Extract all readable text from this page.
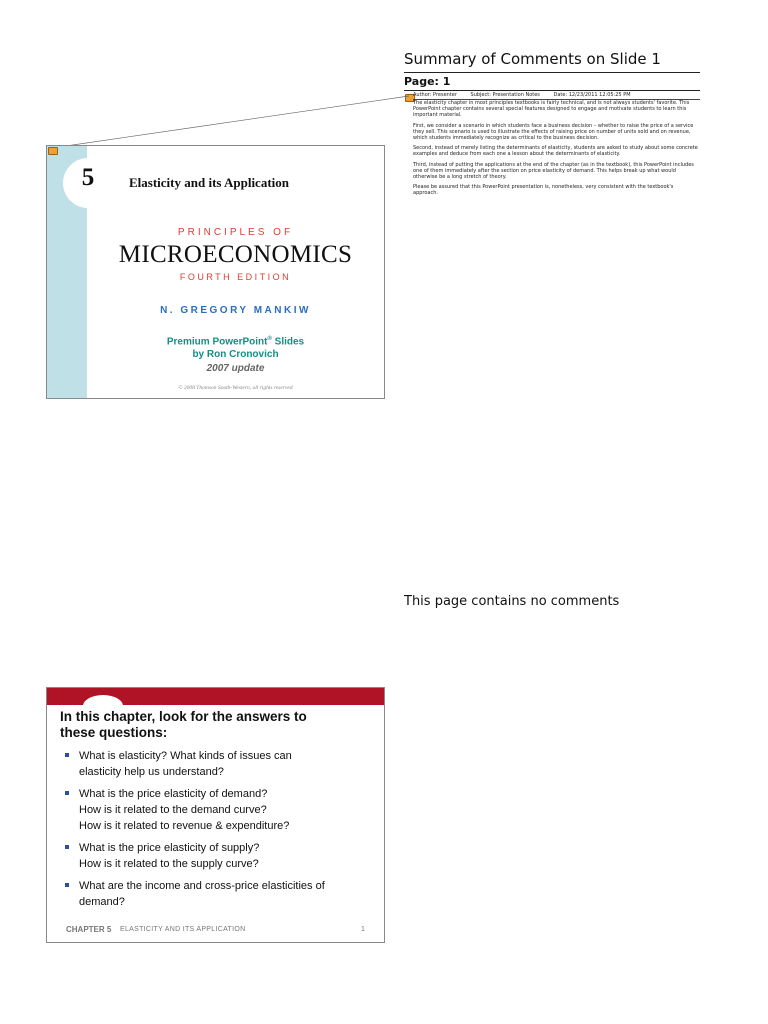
Summary of Comments on Slide 1
Page: 1
Author: Presenter	Subject: Presentation Notes	Date: 12/23/2011 12:05:25 PM

The elasticity chapter in most principles textbooks is fairly technical, and is not always students' favorite. This PowerPoint chapter contains several special features designed to engage and motivate students to learn this important material.

First, we consider a scenario in which students face a business decision – whether to raise the price of a service they sell. This scenario is used to illustrate the effects of raising price on number of units sold and on revenue, which students immediately recognize as critical to the business decision.

Second, instead of merely listing the determinants of elasticity, students are asked to study about some concrete examples and deduce from each one a lesson about the determinants of elasticity.

Third, instead of putting the applications at the end of the chapter (as in the textbook), this PowerPoint includes one of them immediately after the section on price elasticity of demand. This helps break up what would otherwise be a long stretch of theory.

Please be assured that this PowerPoint presentation is, nonetheless, very consistent with the textbook's approach.

5	Elasticity and its Application
PRINCIPLES OF
MICROECONOMICS
FOURTH EDITION
N. GREGORY MANKIW
Premium PowerPoint® Slides
by Ron Cronovich
2007 update
© 2008 Thomson South-Western, all rights reserved
This page contains no comments
In this chapter, look for the answers to
these questions:
What is elasticity? What kinds of issues can
elasticity help us understand?
What is the price elasticity of demand?
How is it related to the demand curve?
How is it related to revenue & expenditure?
What is the price elasticity of supply?
How is it related to the supply curve?
What are the income and cross-price elasticities of
demand?
CHAPTER 5 ELASTICITY AND ITS APPLICATION	1
